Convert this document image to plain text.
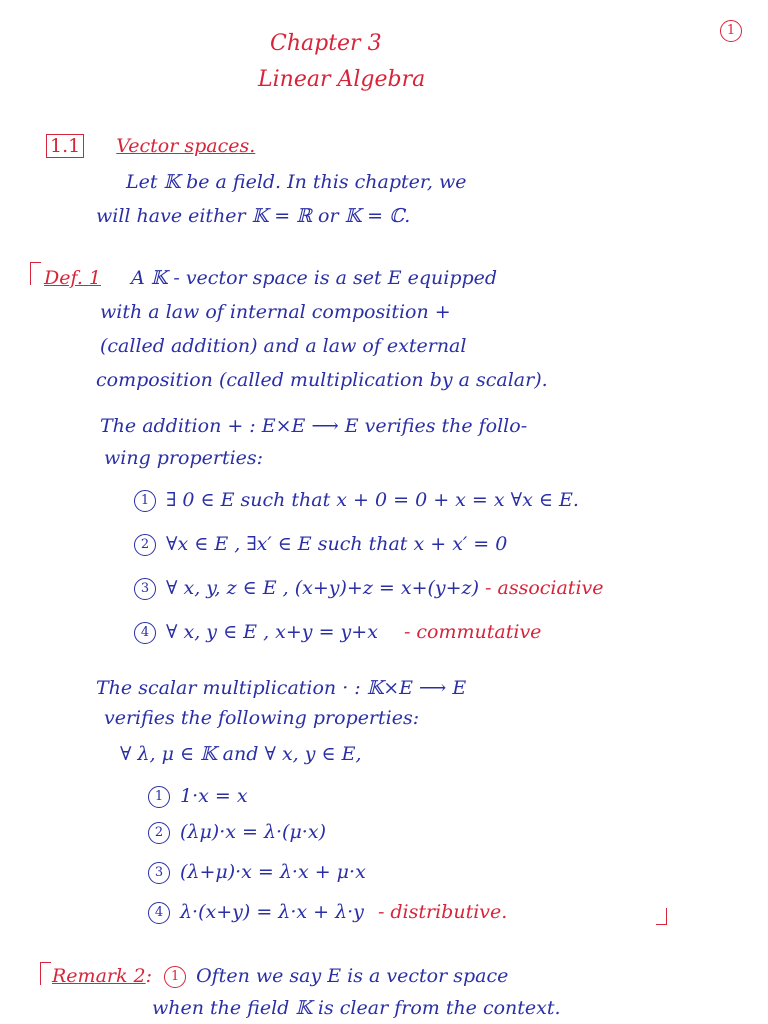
1
Chapter 3
Linear Algebra
1.1 Vector spaces.
Let 𝕂 be a field. In this chapter, we
will have either 𝕂 = ℝ or 𝕂 = ℂ.
Def. 1 A 𝕂 - vector space is a set E equipped
with a law of internal composition +
(called addition) and a law of external
composition (called multiplication by a scalar).
The addition + : E×E ⟶ E verifies the follo-
wing properties:
1 ∃ 0 ∈ E such that x + 0 = 0 + x = x ∀x ∈ E.
2 ∀x ∈ E , ∃x′ ∈ E such that x + x′ = 0
3 ∀ x, y, z ∈ E , (x+y)+z = x+(y+z) - associative
4 ∀ x, y ∈ E , x+y = y+x - commutative
The scalar multiplication · : 𝕂×E ⟶ E
verifies the following properties:
∀ λ, μ ∈ 𝕂 and ∀ x, y ∈ E,
1 1·x = x
2 (λμ)·x = λ·(μ·x)
3 (λ+μ)·x = λ·x + μ·x
4 λ·(x+y) = λ·x + λ·y - distributive.
Remark 2: 1 Often we say E is a vector space
when the field 𝕂 is clear from the context.
